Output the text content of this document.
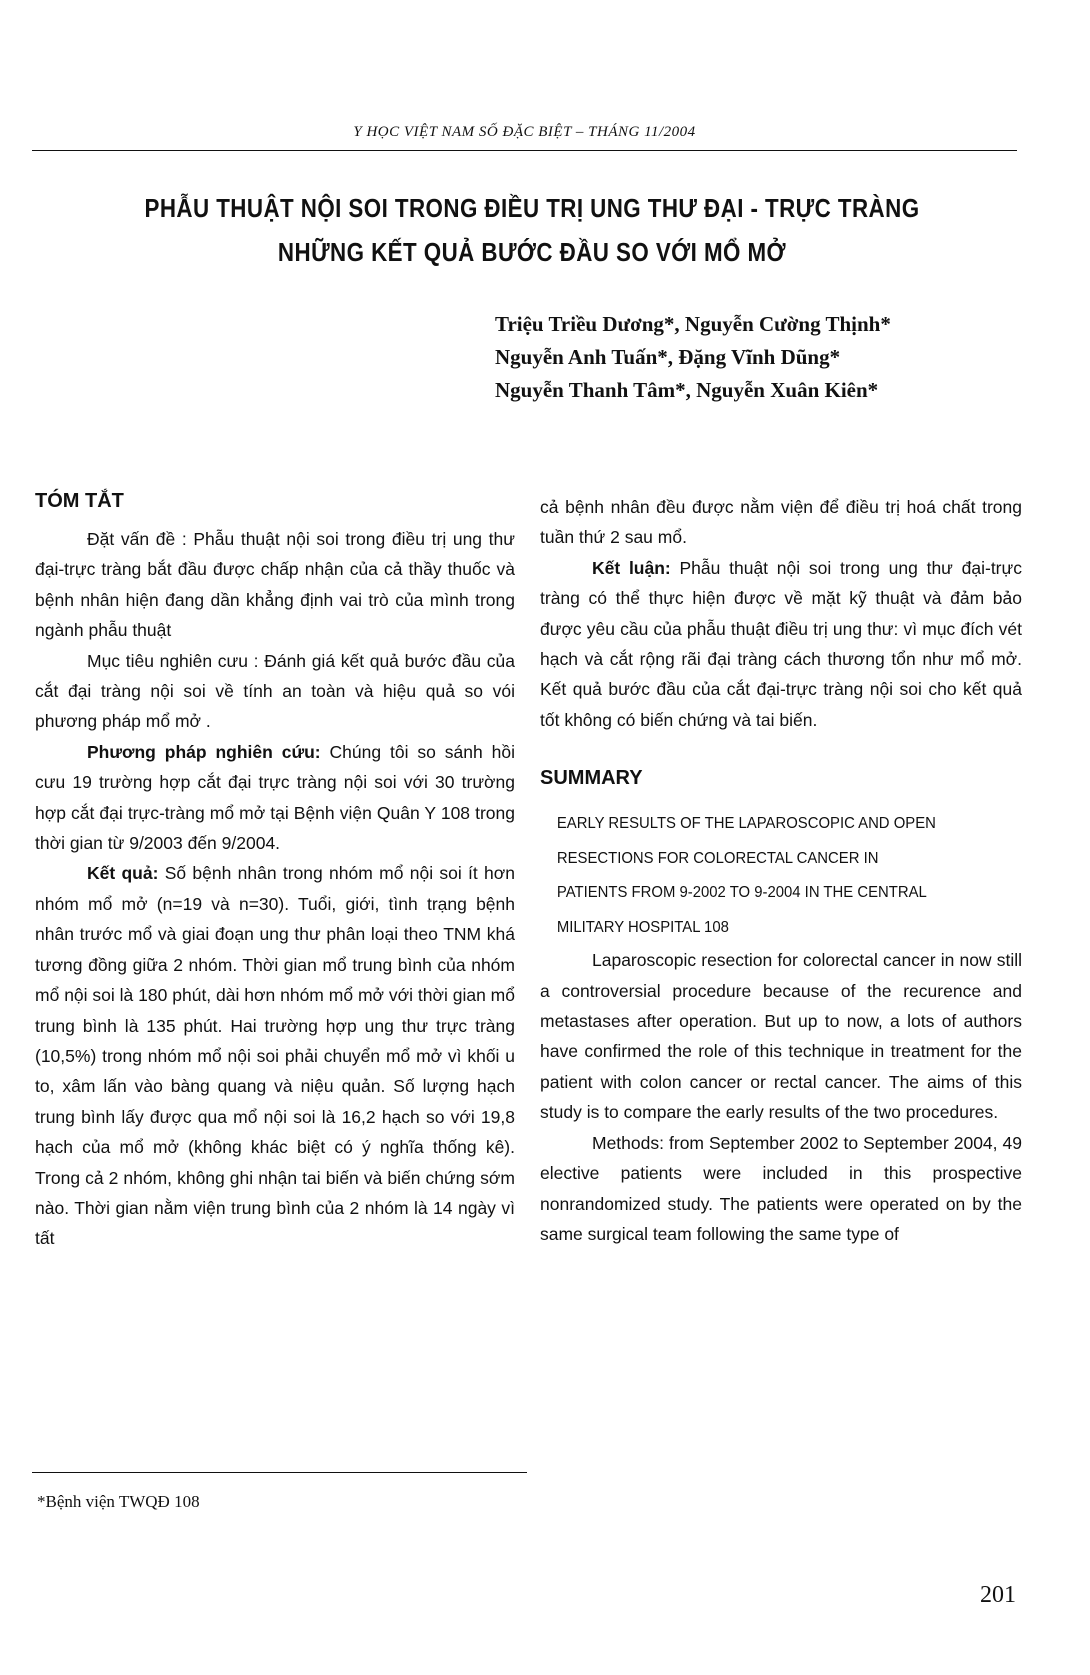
Y HỌC VIỆT NAM SỐ ĐẶC BIỆT – THÁNG 11/2004
PHẪU THUẬT NỘI SOI TRONG ĐIỀU TRỊ UNG THƯ ĐẠI - TRỰC TRÀNG
NHỮNG KẾT QUẢ BƯỚC ĐẦU SO VỚI MỔ MỞ
Triệu Triều Dương*, Nguyễn Cường Thịnh*
Nguyễn Anh Tuấn*, Đặng Vĩnh Dũng*
Nguyễn Thanh Tâm*, Nguyễn Xuân Kiên*
TÓM TẮT

Đặt vấn đề : Phẫu thuật nội soi trong điều trị ung thư đại-trực tràng bắt đầu được chấp nhận của cả thầy thuốc và bệnh nhân hiện đang dần khẳng định vai trò của mình trong ngành phẫu thuật

Mục tiêu nghiên cưu : Đánh giá kết quả bước đầu của cắt đại tràng nội soi về tính an toàn và hiệu quả so vói phương pháp mổ mở .

Phương pháp nghiên cứu: Chúng tôi so sánh hồi cưu 19 trường hợp cắt đại trực tràng nội soi với 30 trường hợp cắt đại trực-tràng mổ mở tại Bệnh viện Quân Y 108 trong thời gian từ 9/2003 đến 9/2004.

Kết quả: Số bệnh nhân trong nhóm mổ nội soi ít hơn nhóm mổ mở (n=19 và n=30). Tuổi, giới, tình trạng bệnh nhân trước mổ và giai đoạn ung thư phân loại theo TNM khá tương đồng giữa 2 nhóm. Thời gian mổ trung bình của nhóm mổ nội soi là 180 phút, dài hơn nhóm mổ mở với thời gian mổ trung bình là 135 phút. Hai trường hợp ung thư trực tràng (10,5%) trong nhóm mổ nội soi phải chuyển mổ mở vì khối u to, xâm lấn vào bàng quang và niệu quản. Số lượng hạch trung bình lấy được qua mổ nội soi là 16,2 hạch so với 19,8 hạch của mổ mở (không khác biệt có ý nghĩa thống kê). Trong cả 2 nhóm, không ghi nhận tai biến và biến chứng sớm nào. Thời gian nằm viện trung bình của 2 nhóm là 14 ngày vì tất

cả bệnh nhân đều được nằm viện để điều trị hoá chất trong tuần thứ 2 sau mổ.

Kết luận: Phẫu thuật nội soi trong ung thư đại-trực tràng có thể thực hiện được về mặt kỹ thuật và đảm bảo được yêu cầu của phẫu thuật điều trị ung thư: vì mục đích vét hạch và cắt rộng rãi đại tràng cách thương tổn như mổ mở. Kết quả bước đầu của cắt đại-trực tràng nội soi cho kết quả tốt không có biến chứng và tai biến.

SUMMARY

EARLY RESULTS OF THE LAPAROSCOPIC AND OPEN

RESECTIONS FOR COLORECTAL CANCER IN

PATIENTS FROM 9-2002 TO 9-2004 IN THE CENTRAL

MILITARY HOSPITAL 108

Laparoscopic resection for colorectal cancer in now still a controversial procedure because of the recurence and metastases after operation. But up to now, a lots of authors have confirmed the role of this technique in treatment for the patient with colon cancer or rectal cancer. The aims of this study is to compare the early results of the two procedures.

Methods: from September 2002 to September 2004, 49 elective patients were included in this prospective nonrandomized study. The patients were operated on by the same surgical team following the same type of

*Bệnh viện TWQĐ 108
201
